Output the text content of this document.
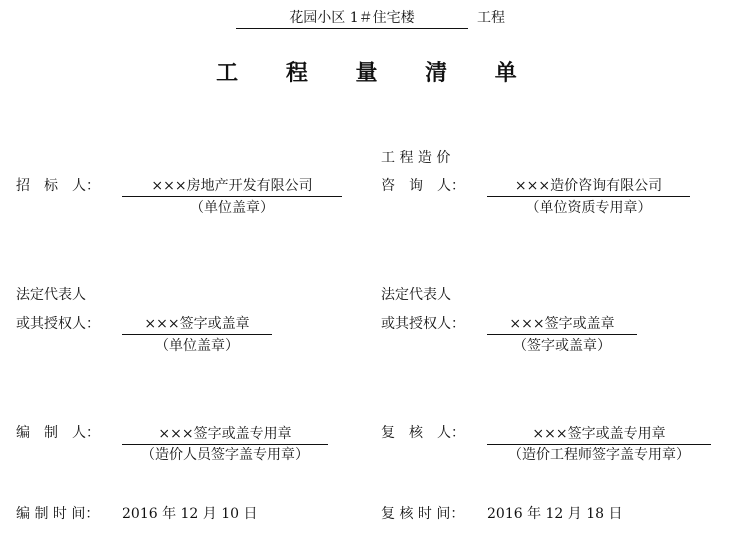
花园小区 1＃住宅楼	工程
工 程 量 清 单
招　标　人：	×××房地产开发有限公司
（单位盖章）
法定代表人
或其授权人：	×××签字或盖章
（单位盖章）
编　制　人：	×××签字或盖专用章
（造价人员签字盖专用章）
编 制 时 间： 2016 年 12 月 10 日
工 程 造 价
咨　询　人：	×××造价咨询有限公司
（单位资质专用章）
法定代表人
或其授权人：	×××签字或盖章
（签字或盖章）
复　核　人：	×××签字或盖专用章
（造价工程师签字盖专用章）
复 核 时 间： 2016 年 12 月 18 日
